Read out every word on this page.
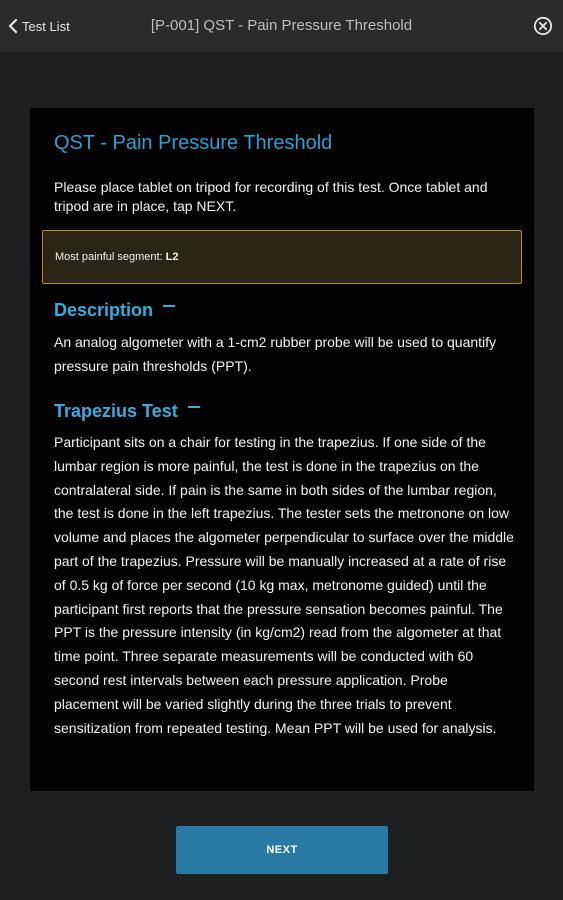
Test List	[P-001] QST - Pain Pressure Threshold
QST - Pain Pressure Threshold
Please place tablet on tripod for recording of this test. Once tablet and tripod are in place, tap NEXT.
Most painful segment: L2
Description
An analog algometer with a 1-cm2 rubber probe will be used to quantify pressure pain thresholds (PPT).
Trapezius Test
Participant sits on a chair for testing in the trapezius. If one side of the lumbar region is more painful, the test is done in the trapezius on the contralateral side. If pain is the same in both sides of the lumbar region, the test is done in the left trapezius. The tester sets the metronone on low volume and places the algometer perpendicular to surface over the middle part of the trapezius. Pressure will be manually increased at a rate of rise of 0.5 kg of force per second (10 kg max, metronome guided) until the participant first reports that the pressure sensation becomes painful. The PPT is the pressure intensity (in kg/cm2) read from the algometer at that time point. Three separate measurements will be conducted with 60 second rest intervals between each pressure application. Probe placement will be varied slightly during the three trials to prevent sensitization from repeated testing. Mean PPT will be used for analysis.
NEXT
